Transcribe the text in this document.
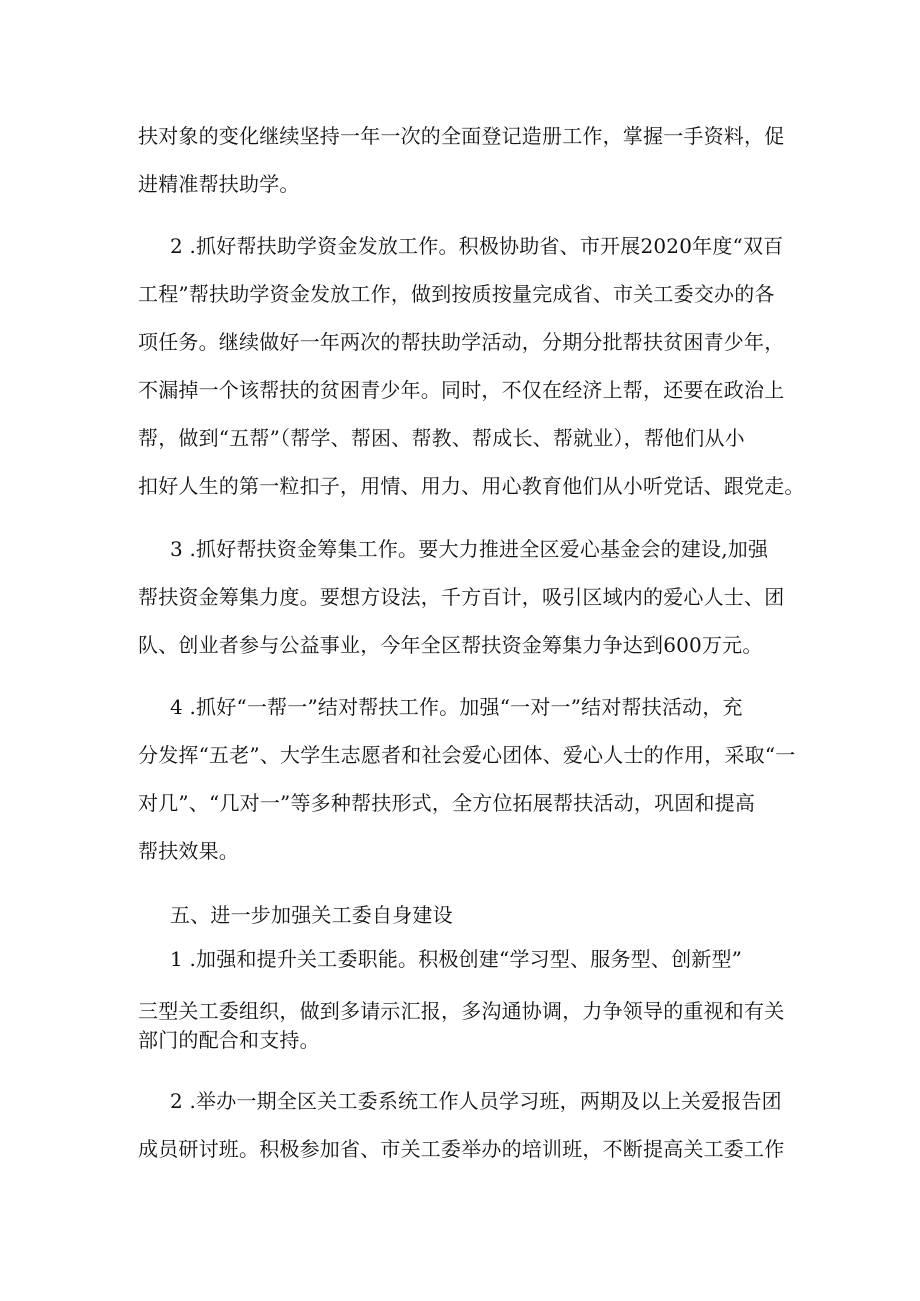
扶对象的变化继续坚持一年一次的全面登记造册工作，掌握一手资料，促
进精准帮扶助学。
2 .抓好帮扶助学资金发放工作。积极协助省、市开展2020年度“双百
工程”帮扶助学资金发放工作，做到按质按量完成省、市关工委交办的各
项任务。继续做好一年两次的帮扶助学活动，分期分批帮扶贫困青少年，
不漏掉一个该帮扶的贫困青少年。同时，不仅在经济上帮，还要在政治上
帮，做到“五帮”（帮学、帮困、帮教、帮成长、帮就业），帮他们从小
扣好人生的第一粒扣子，用情、用力、用心教育他们从小听党话、跟党走。
3 .抓好帮扶资金筹集工作。要大力推进全区爱心基金会的建设,加强
帮扶资金筹集力度。要想方设法，千方百计，吸引区域内的爱心人士、团
队、创业者参与公益事业，今年全区帮扶资金筹集力争达到600万元。
4 .抓好“一帮一”结对帮扶工作。加强“一对一”结对帮扶活动，充
分发挥“五老”、大学生志愿者和社会爱心团体、爱心人士的作用，采取“一
对几”、“几对一”等多种帮扶形式，全方位拓展帮扶活动，巩固和提高
帮扶效果。
五、进一步加强关工委自身建设
1 .加强和提升关工委职能。积极创建“学习型、服务型、创新型”
三型关工委组织，做到多请示汇报，多沟通协调，力争领导的重视和有关
部门的配合和支持。
2 .举办一期全区关工委系统工作人员学习班，两期及以上关爱报告团
成员研讨班。积极参加省、市关工委举办的培训班，不断提高关工委工作
